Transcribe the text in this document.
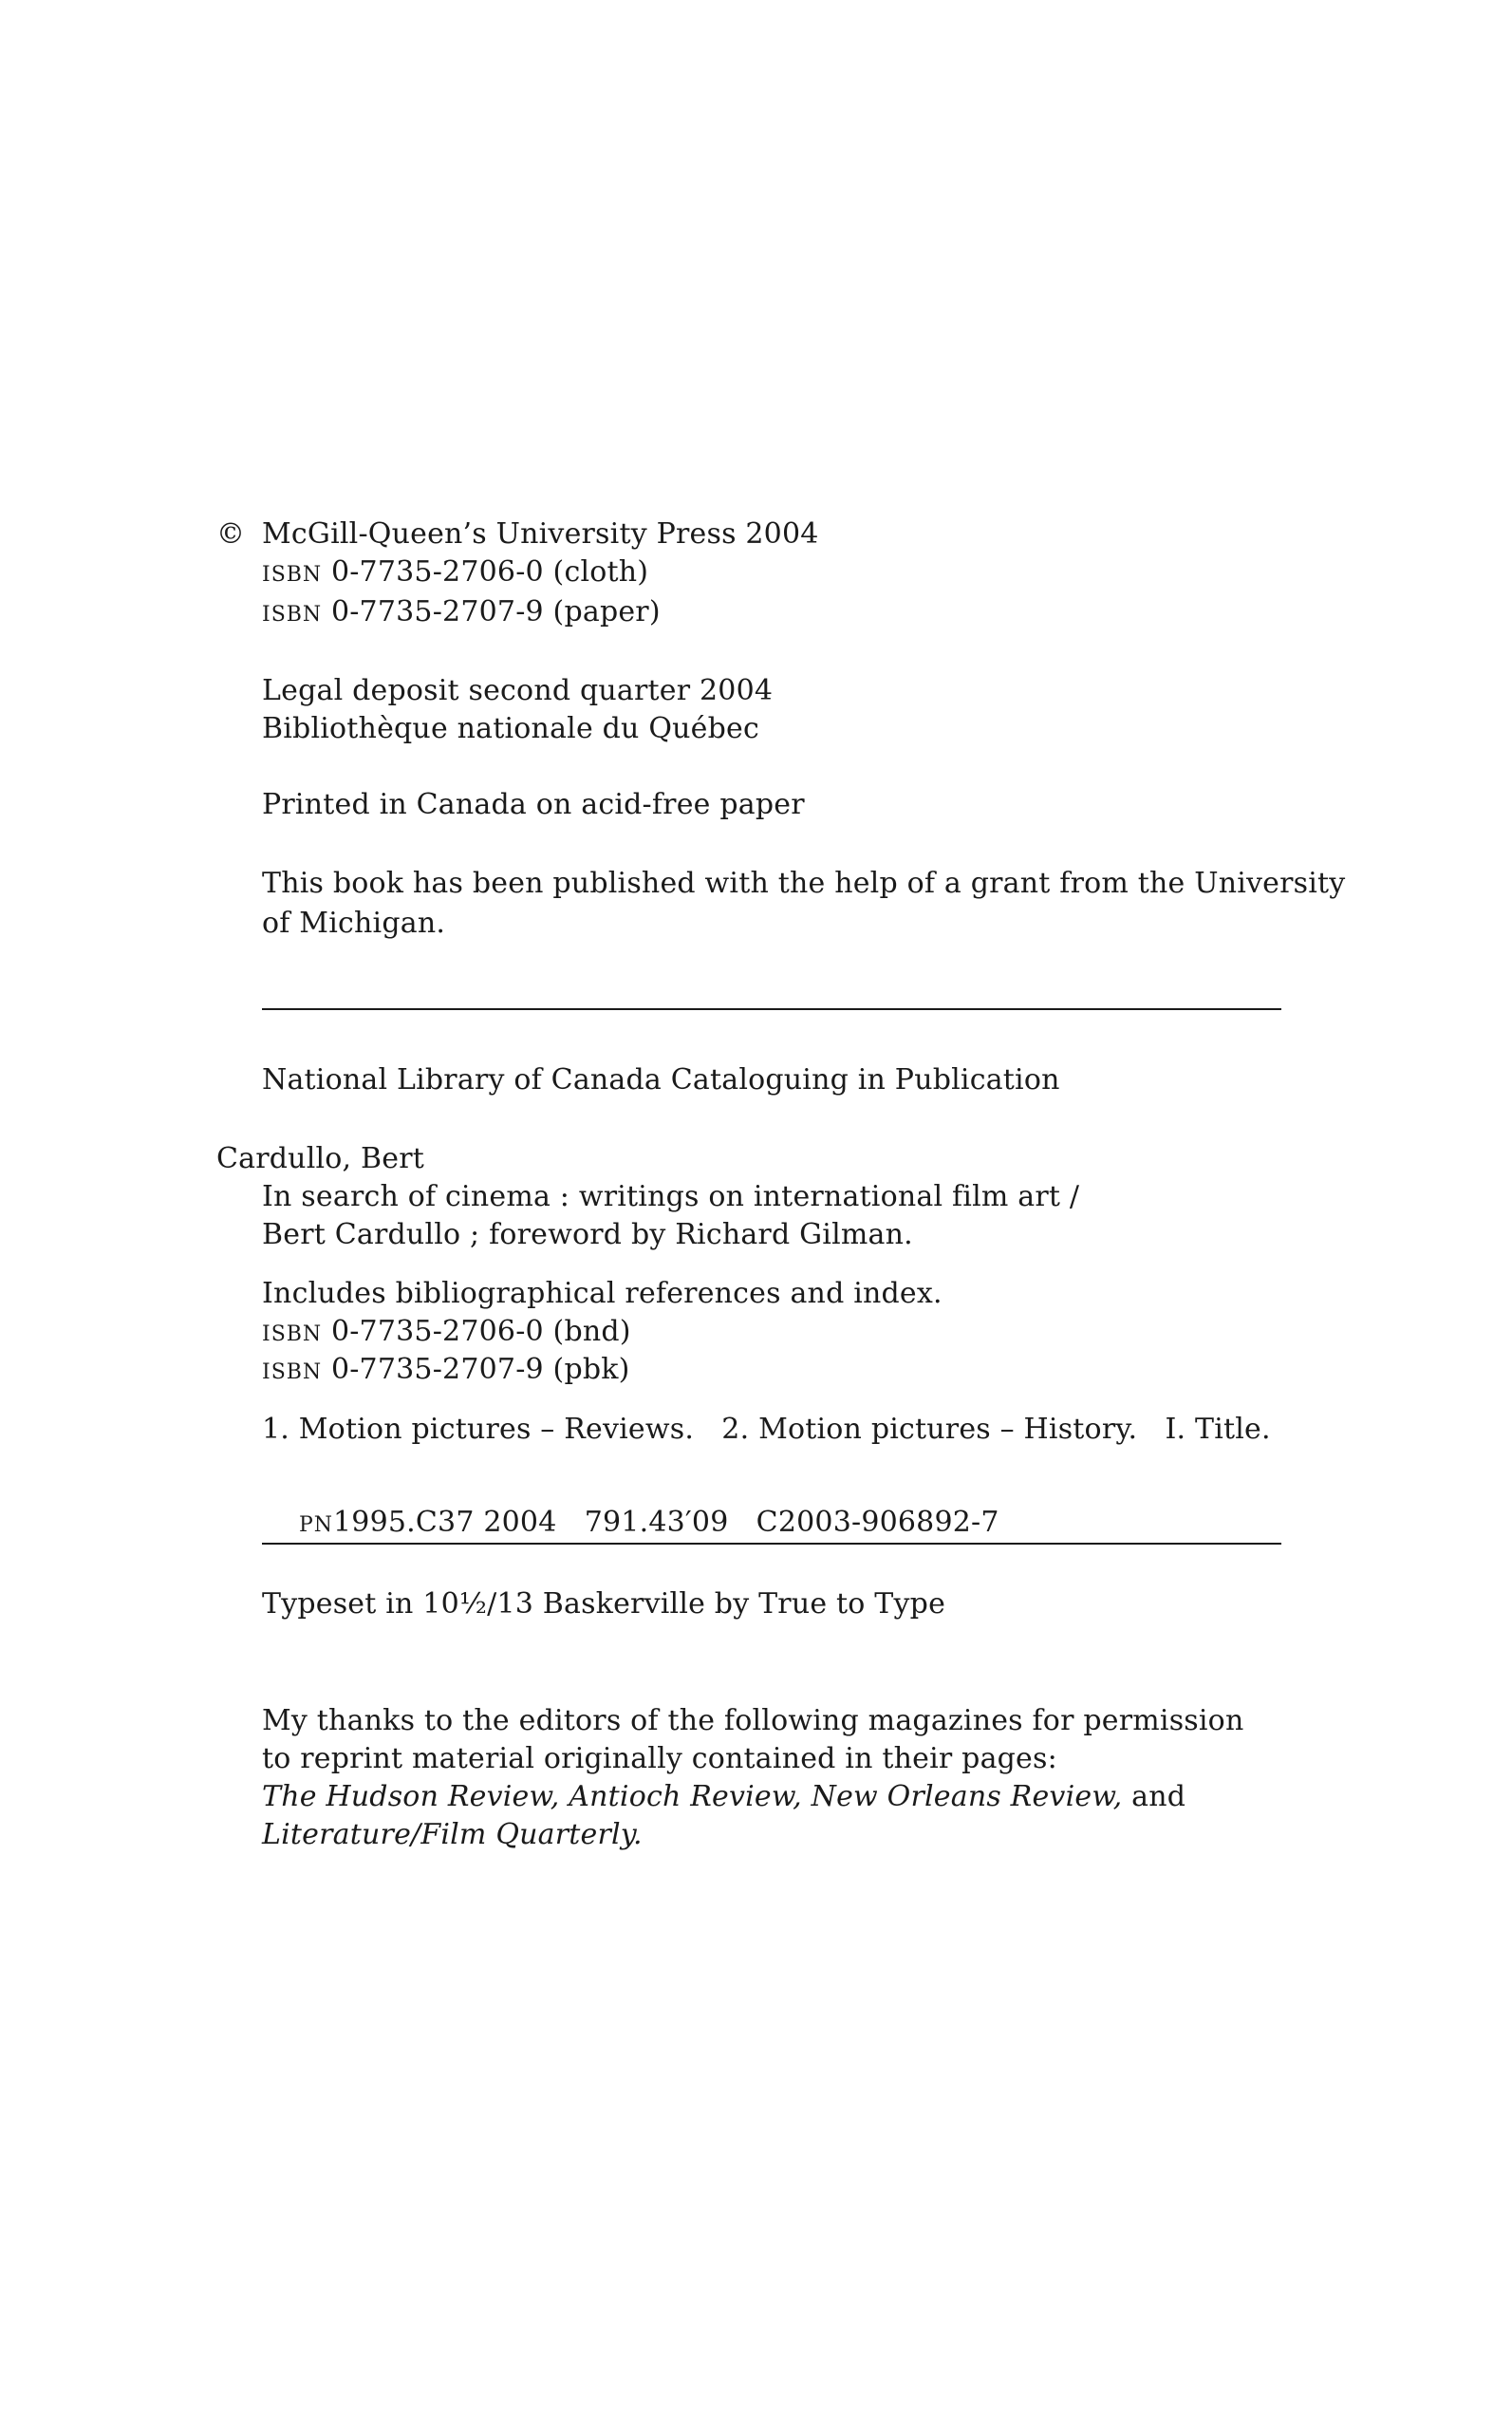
© McGill-Queen’s University Press 2004
ISBN 0-7735-2706-0 (cloth)
ISBN 0-7735-2707-9 (paper)
Legal deposit second quarter 2004
Bibliothèque nationale du Québec
Printed in Canada on acid-free paper
This book has been published with the help of a grant from the University
of Michigan.
National Library of Canada Cataloguing in Publication
Cardullo, Bert
In search of cinema : writings on international film art /
Bert Cardullo ; foreword by Richard Gilman.
Includes bibliographical references and index.
ISBN 0-7735-2706-0 (bnd)
ISBN 0-7735-2707-9 (pbk)
1. Motion pictures – Reviews.   2. Motion pictures – History.   I. Title.

PN1995.C37 2004   791.43′09   C2003-906892-7

Typeset in 10½/13 Baskerville by True to Type
My thanks to the editors of the following magazines for permission
to reprint material originally contained in their pages:
The Hudson Review, Antioch Review, New Orleans Review, and
Literature/Film Quarterly.
